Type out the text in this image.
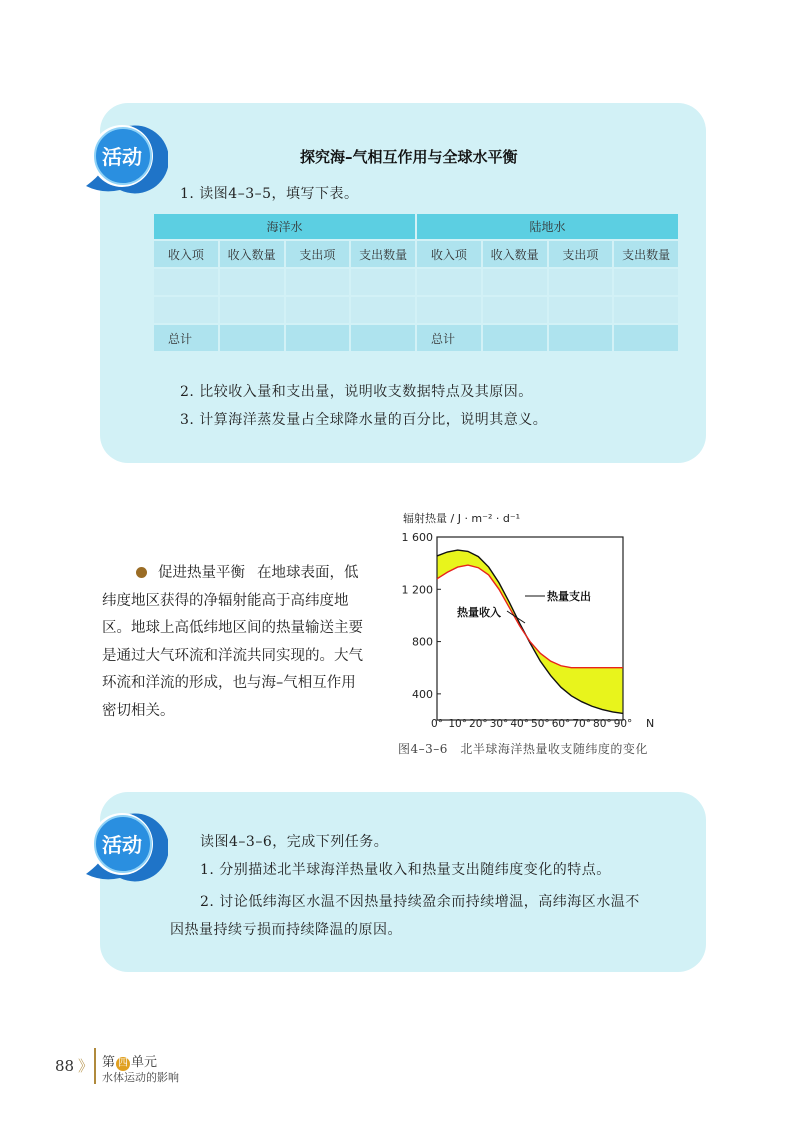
活动	探究海–气相互作用与全球水平衡
1. 读图4–3–5，填写下表。
海洋水				陆地水			
收入项	收入数量	支出项	支出数量	收入项	收入数量	支出项	支出数量

总计				总计			
2. 比较收入量和支出量，说明收支数据特点及其原因。
3. 计算海洋蒸发量占全球降水量的百分比，说明其意义。
促进热量平衡 在地球表面，低纬度地区获得的净辐射能高于高纬度地区。地球上高低纬地区间的热量输送主要是通过大气环流和洋流共同实现的。大气环流和洋流的形成，也与海–气相互作用密切相关。
辐射热量 / J · m⁻² · d⁻¹
400
800
1 200
1 600
0° 10° 20° 30° 40° 50° 60° 70° 80° 90°
热量支出
热量收入
N
图4–3–6　北半球海洋热量收支随纬度的变化
活动	读图4–3–6，完成下列任务。
1. 分别描述北半球海洋热量收入和热量支出随纬度变化的特点。
2. 讨论低纬海区水温不因热量持续盈余而持续增温，高纬海区水温不
因热量持续亏损而持续降温的原因。
88 》 第 四 单元
水体运动的影响
